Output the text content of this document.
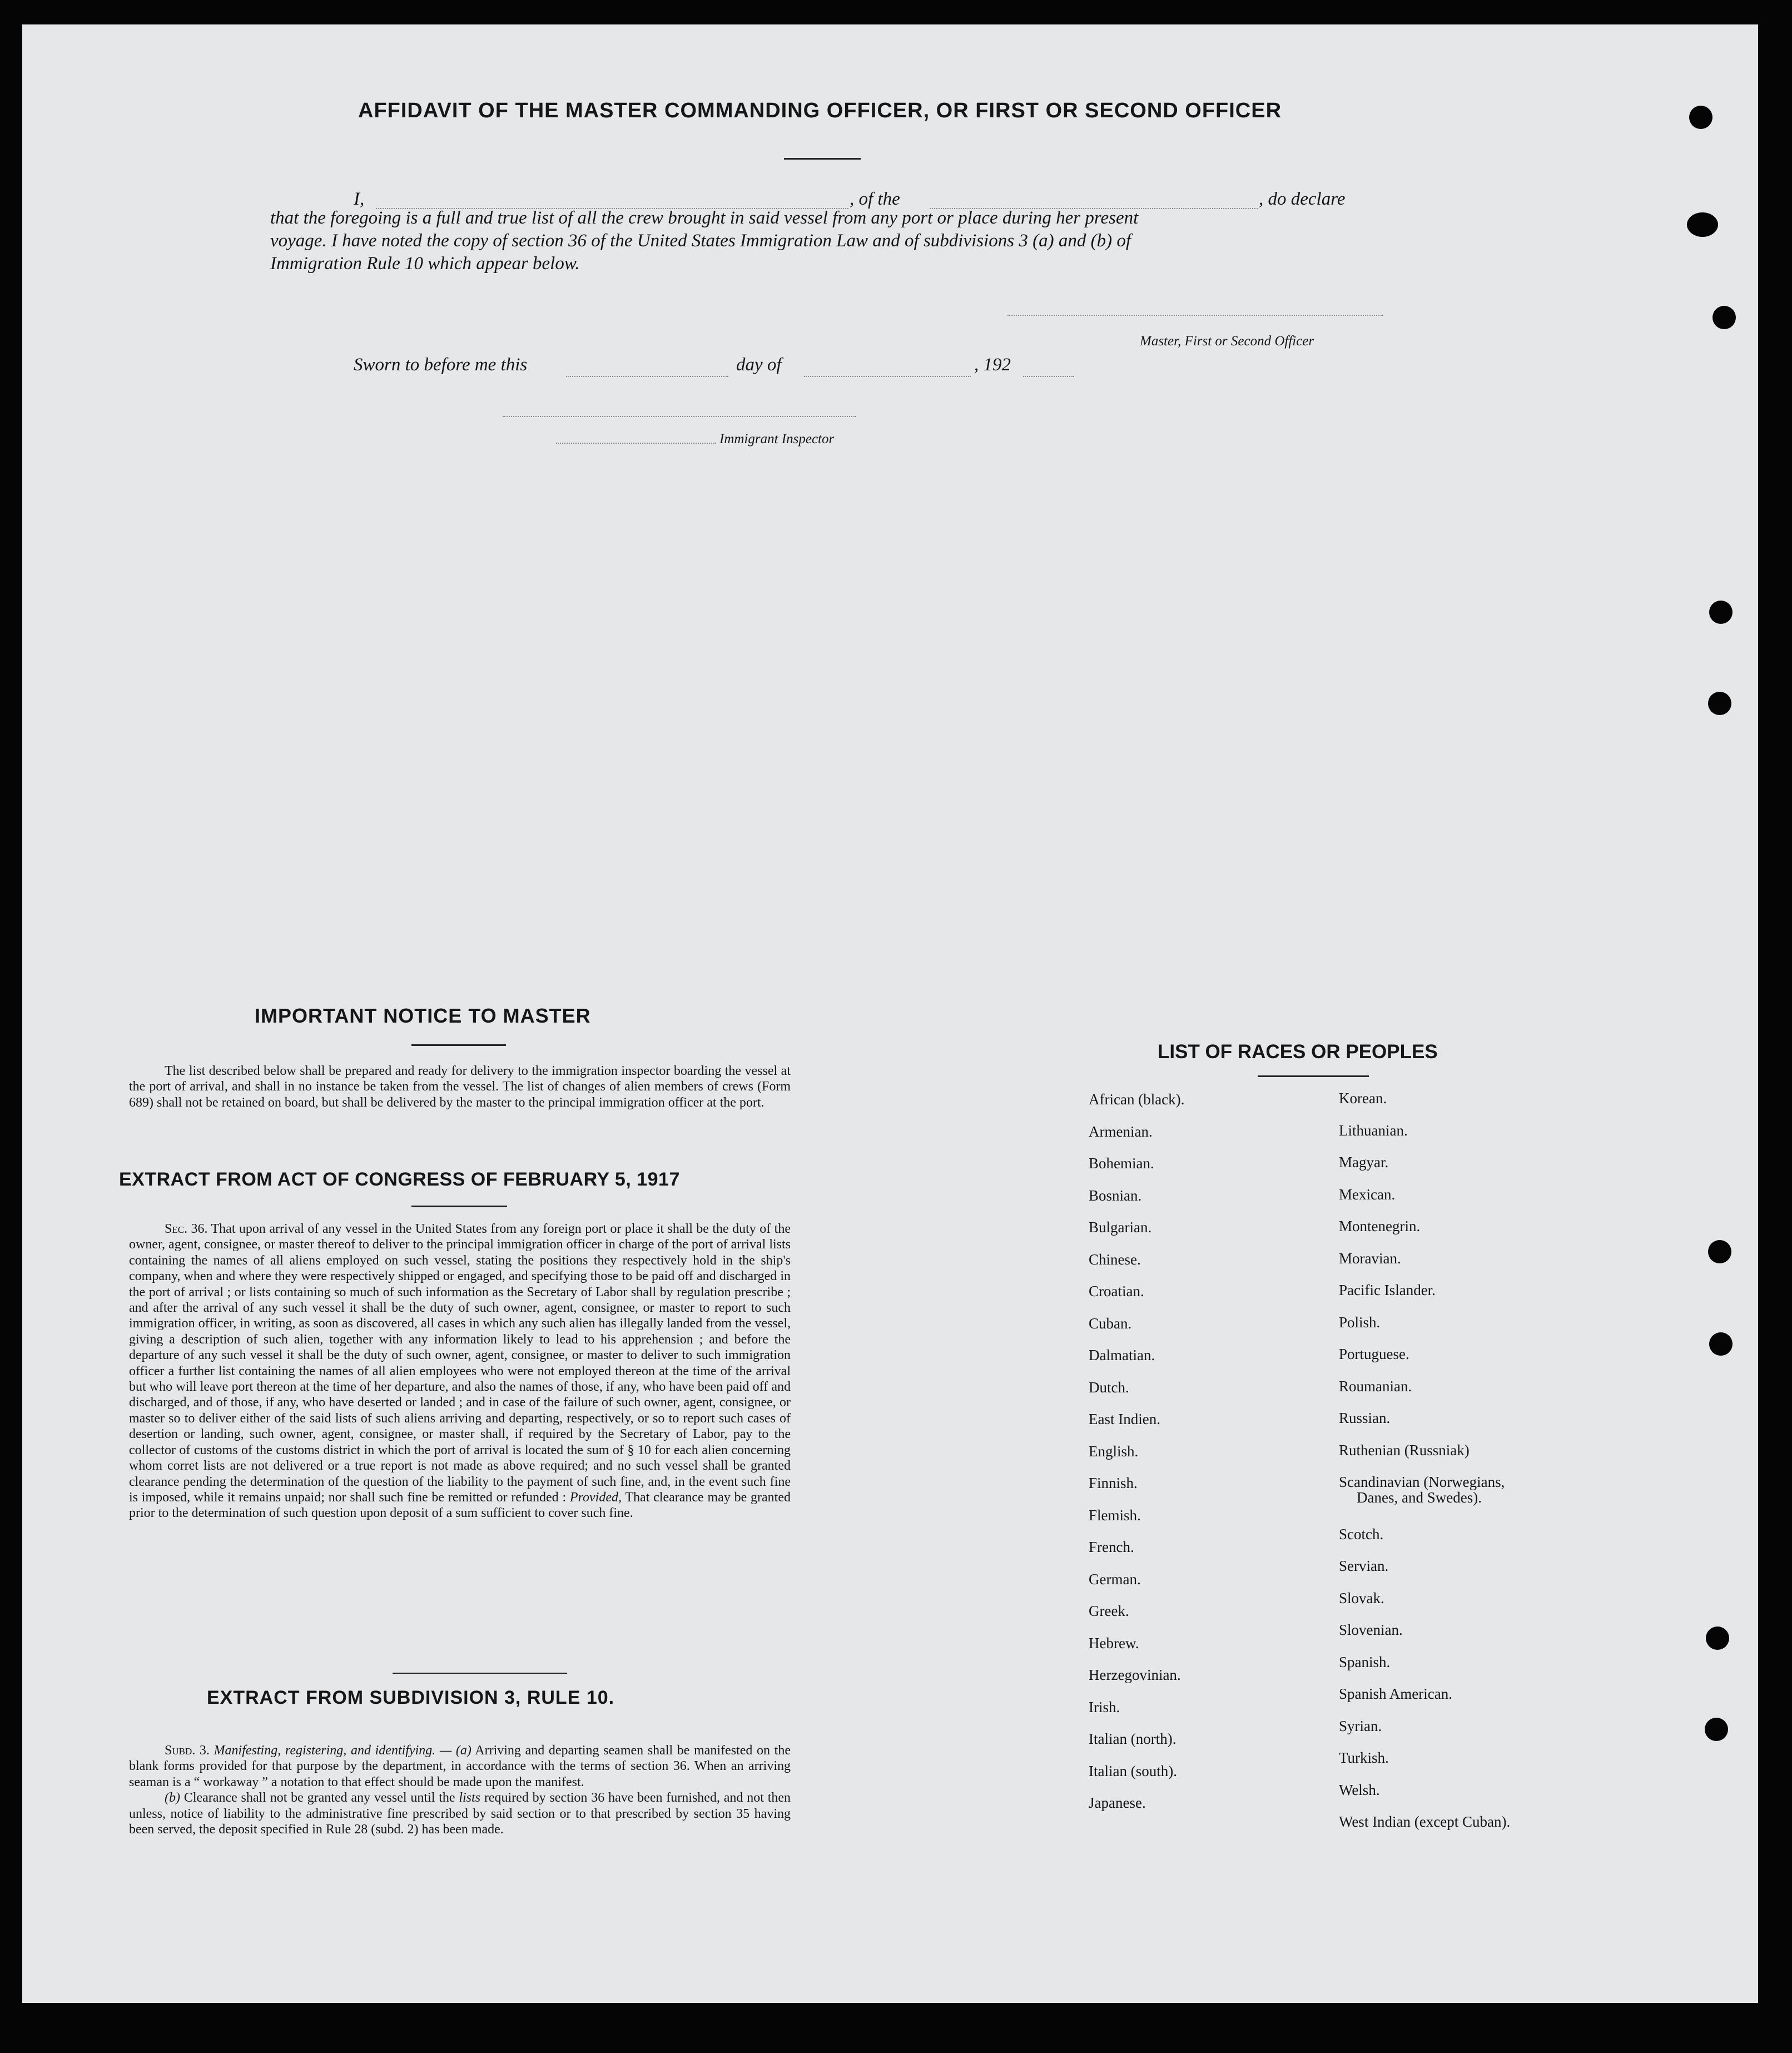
AFFIDAVIT OF THE MASTER COMMANDING OFFICER, OR FIRST OR SECOND OFFICER
I,	, of the	, do declare
that the foregoing is a full and true list of all the crew brought in said vessel from any port or place during her present
voyage. I have noted the copy of section 36 of the United States Immigration Law and of subdivisions 3 (a) and (b) of
Immigration Rule 10 which appear below.
Master, First or Second Officer
Sworn to before me this	day of	, 192
Immigrant Inspector
IMPORTANT NOTICE TO MASTER
The list described below shall be prepared and ready for delivery to the immigration inspector boarding the vessel at the port of arrival, and shall in no instance be taken from the vessel. The list of changes of alien members of crews (Form 689) shall not be retained on board, but shall be delivered by the master to the principal immigration officer at the port.
EXTRACT FROM ACT OF CONGRESS OF FEBRUARY 5, 1917
Sec. 36. That upon arrival of any vessel in the United States from any foreign port or place it shall be the duty of the owner, agent, consignee, or master thereof to deliver to the principal immigration officer in charge of the port of arrival lists containing the names of all aliens employed on such vessel, stating the positions they respectively hold in the ship's company, when and where they were respectively shipped or engaged, and specifying those to be paid off and discharged in the port of arrival ; or lists containing so much of such information as the Secretary of Labor shall by regulation prescribe ; and after the arrival of any such vessel it shall be the duty of such owner, agent, consignee, or master to report to such immigration officer, in writing, as soon as discovered, all cases in which any such alien has illegally landed from the vessel, giving a description of such alien, together with any information likely to lead to his apprehension ; and before the departure of any such vessel it shall be the duty of such owner, agent, consignee, or master to deliver to such immigration officer a further list containing the names of all alien employees who were not employed thereon at the time of the arrival but who will leave port thereon at the time of her departure, and also the names of those, if any, who have been paid off and discharged, and of those, if any, who have deserted or landed ; and in case of the failure of such owner, agent, consignee, or master so to deliver either of the said lists of such aliens arriving and departing, respectively, or so to report such cases of desertion or landing, such owner, agent, consignee, or master shall, if required by the Secretary of Labor, pay to the collector of customs of the customs district in which the port of arrival is located the sum of § 10 for each alien concerning whom corret lists are not delivered or a true report is not made as above required; and no such vessel shall be granted clearance pending the determination of the question of the liability to the payment of such fine, and, in the event such fine is imposed, while it remains unpaid; nor shall such fine be remitted or refunded : Provided, That clearance may be granted prior to the determination of such question upon deposit of a sum sufficient to cover such fine.
EXTRACT FROM SUBDIVISION 3, RULE 10.
Subd. 3. Manifesting, registering, and identifying. — (a) Arriving and departing seamen shall be manifested on the blank forms provided for that purpose by the department, in accordance with the terms of section 36. When an arriving seaman is a “ workaway ” a notation to that effect should be made upon the manifest.
(b) Clearance shall not be granted any vessel until the lists required by section 36 have been furnished, and not then unless, notice of liability to the administrative fine prescribed by said section or to that prescribed by section 35 having been served, the deposit specified in Rule 28 (subd. 2) has been made.
LIST OF RACES OR PEOPLES
African (black).
Armenian.
Bohemian.
Bosnian.
Bulgarian.
Chinese.
Croatian.
Cuban.
Dalmatian.
Dutch.
East Indien.
English.
Finnish.
Flemish.
French.
German.
Greek.
Hebrew.
Herzegovinian.
Irish.
Italian (north).
Italian (south).
Japanese.
Korean.
Lithuanian.
Magyar.
Mexican.
Montenegrin.
Moravian.
Pacific Islander.
Polish.
Portuguese.
Roumanian.
Russian.
Ruthenian (Russniak)
Scandinavian (Norwegians,
Danes, and Swedes).
Scotch.
Servian.
Slovak.
Slovenian.
Spanish.
Spanish American.
Syrian.
Turkish.
Welsh.
West Indian (except Cuban).
